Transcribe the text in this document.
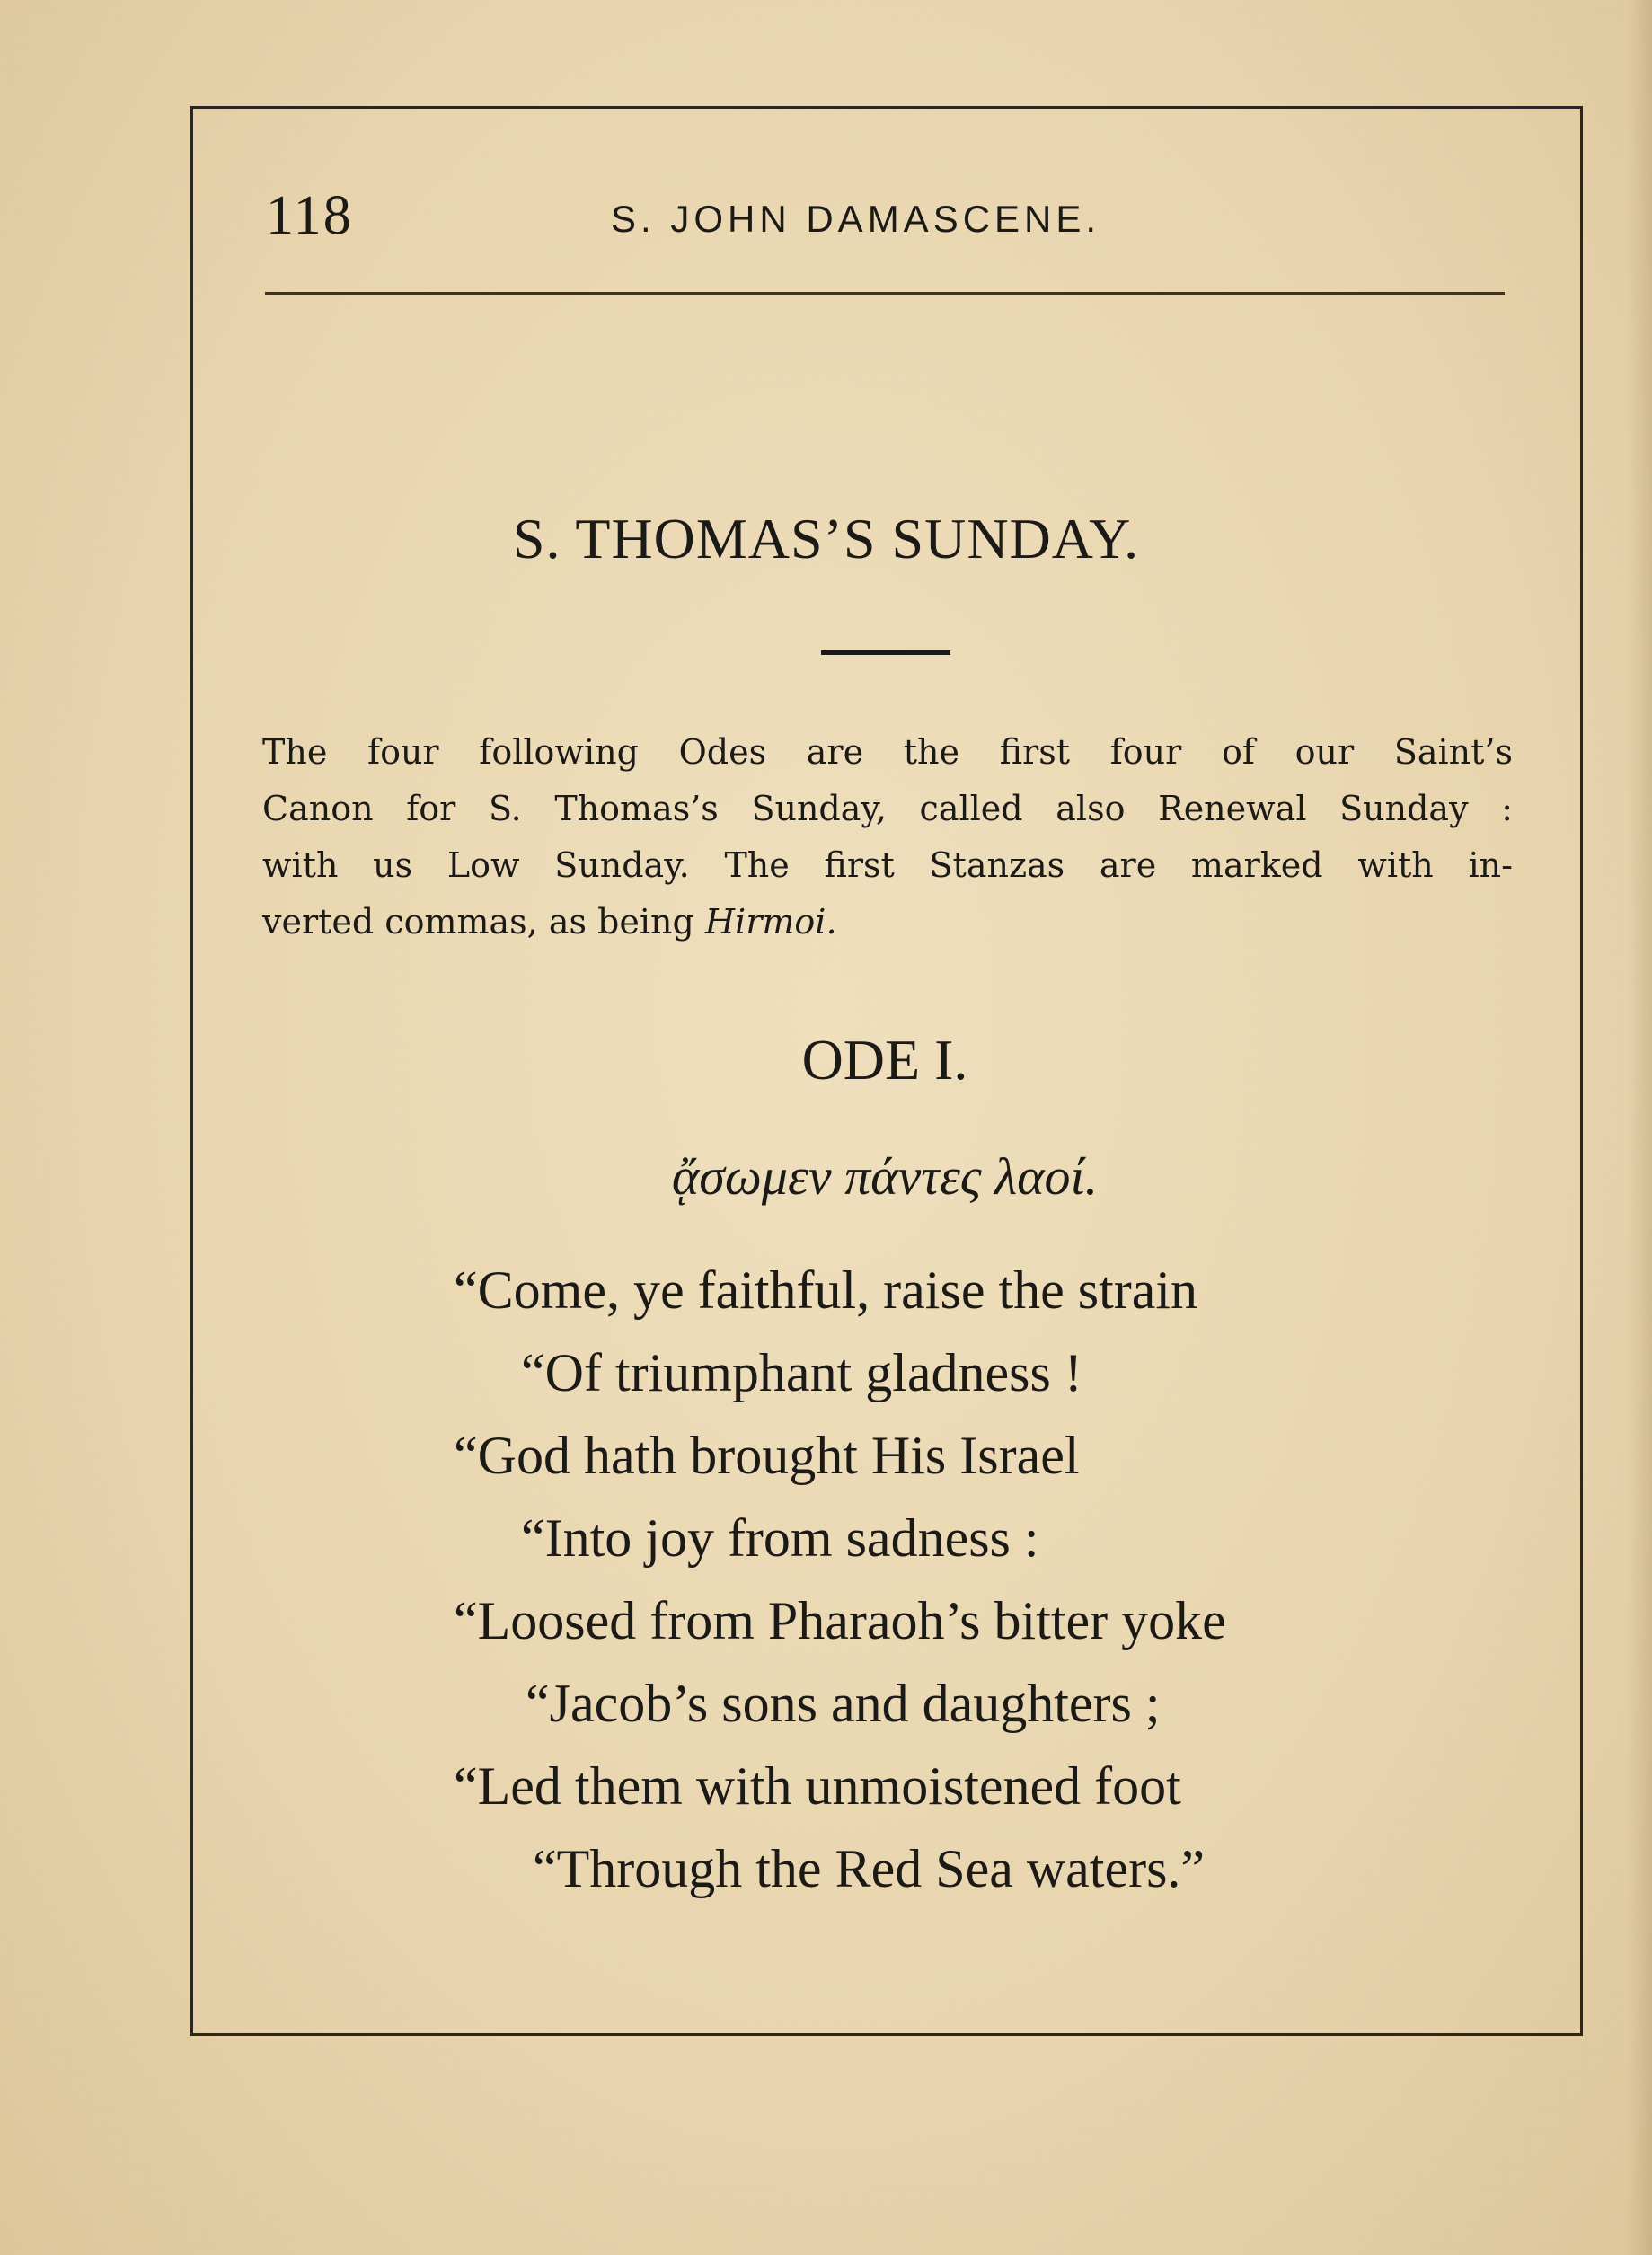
118	S. JOHN DAMASCENE.
S. THOMAS’S SUNDAY.
The four following Odes are the first four of our Saint’s
Canon for S. Thomas’s Sunday, called also Renewal Sunday :
with us Low Sunday. The first Stanzas are marked with in-
verted commas, as being Hirmoi.
ODE I.
ᾄσωμεν πάντες λαοί.
“Come, ye faithful, raise the strain
“Of triumphant gladness !
“God hath brought His Israel
“Into joy from sadness :
“Loosed from Pharaoh’s bitter yoke
“Jacob’s sons and daughters ;
“Led them with unmoistened foot
“Through the Red Sea waters.”
